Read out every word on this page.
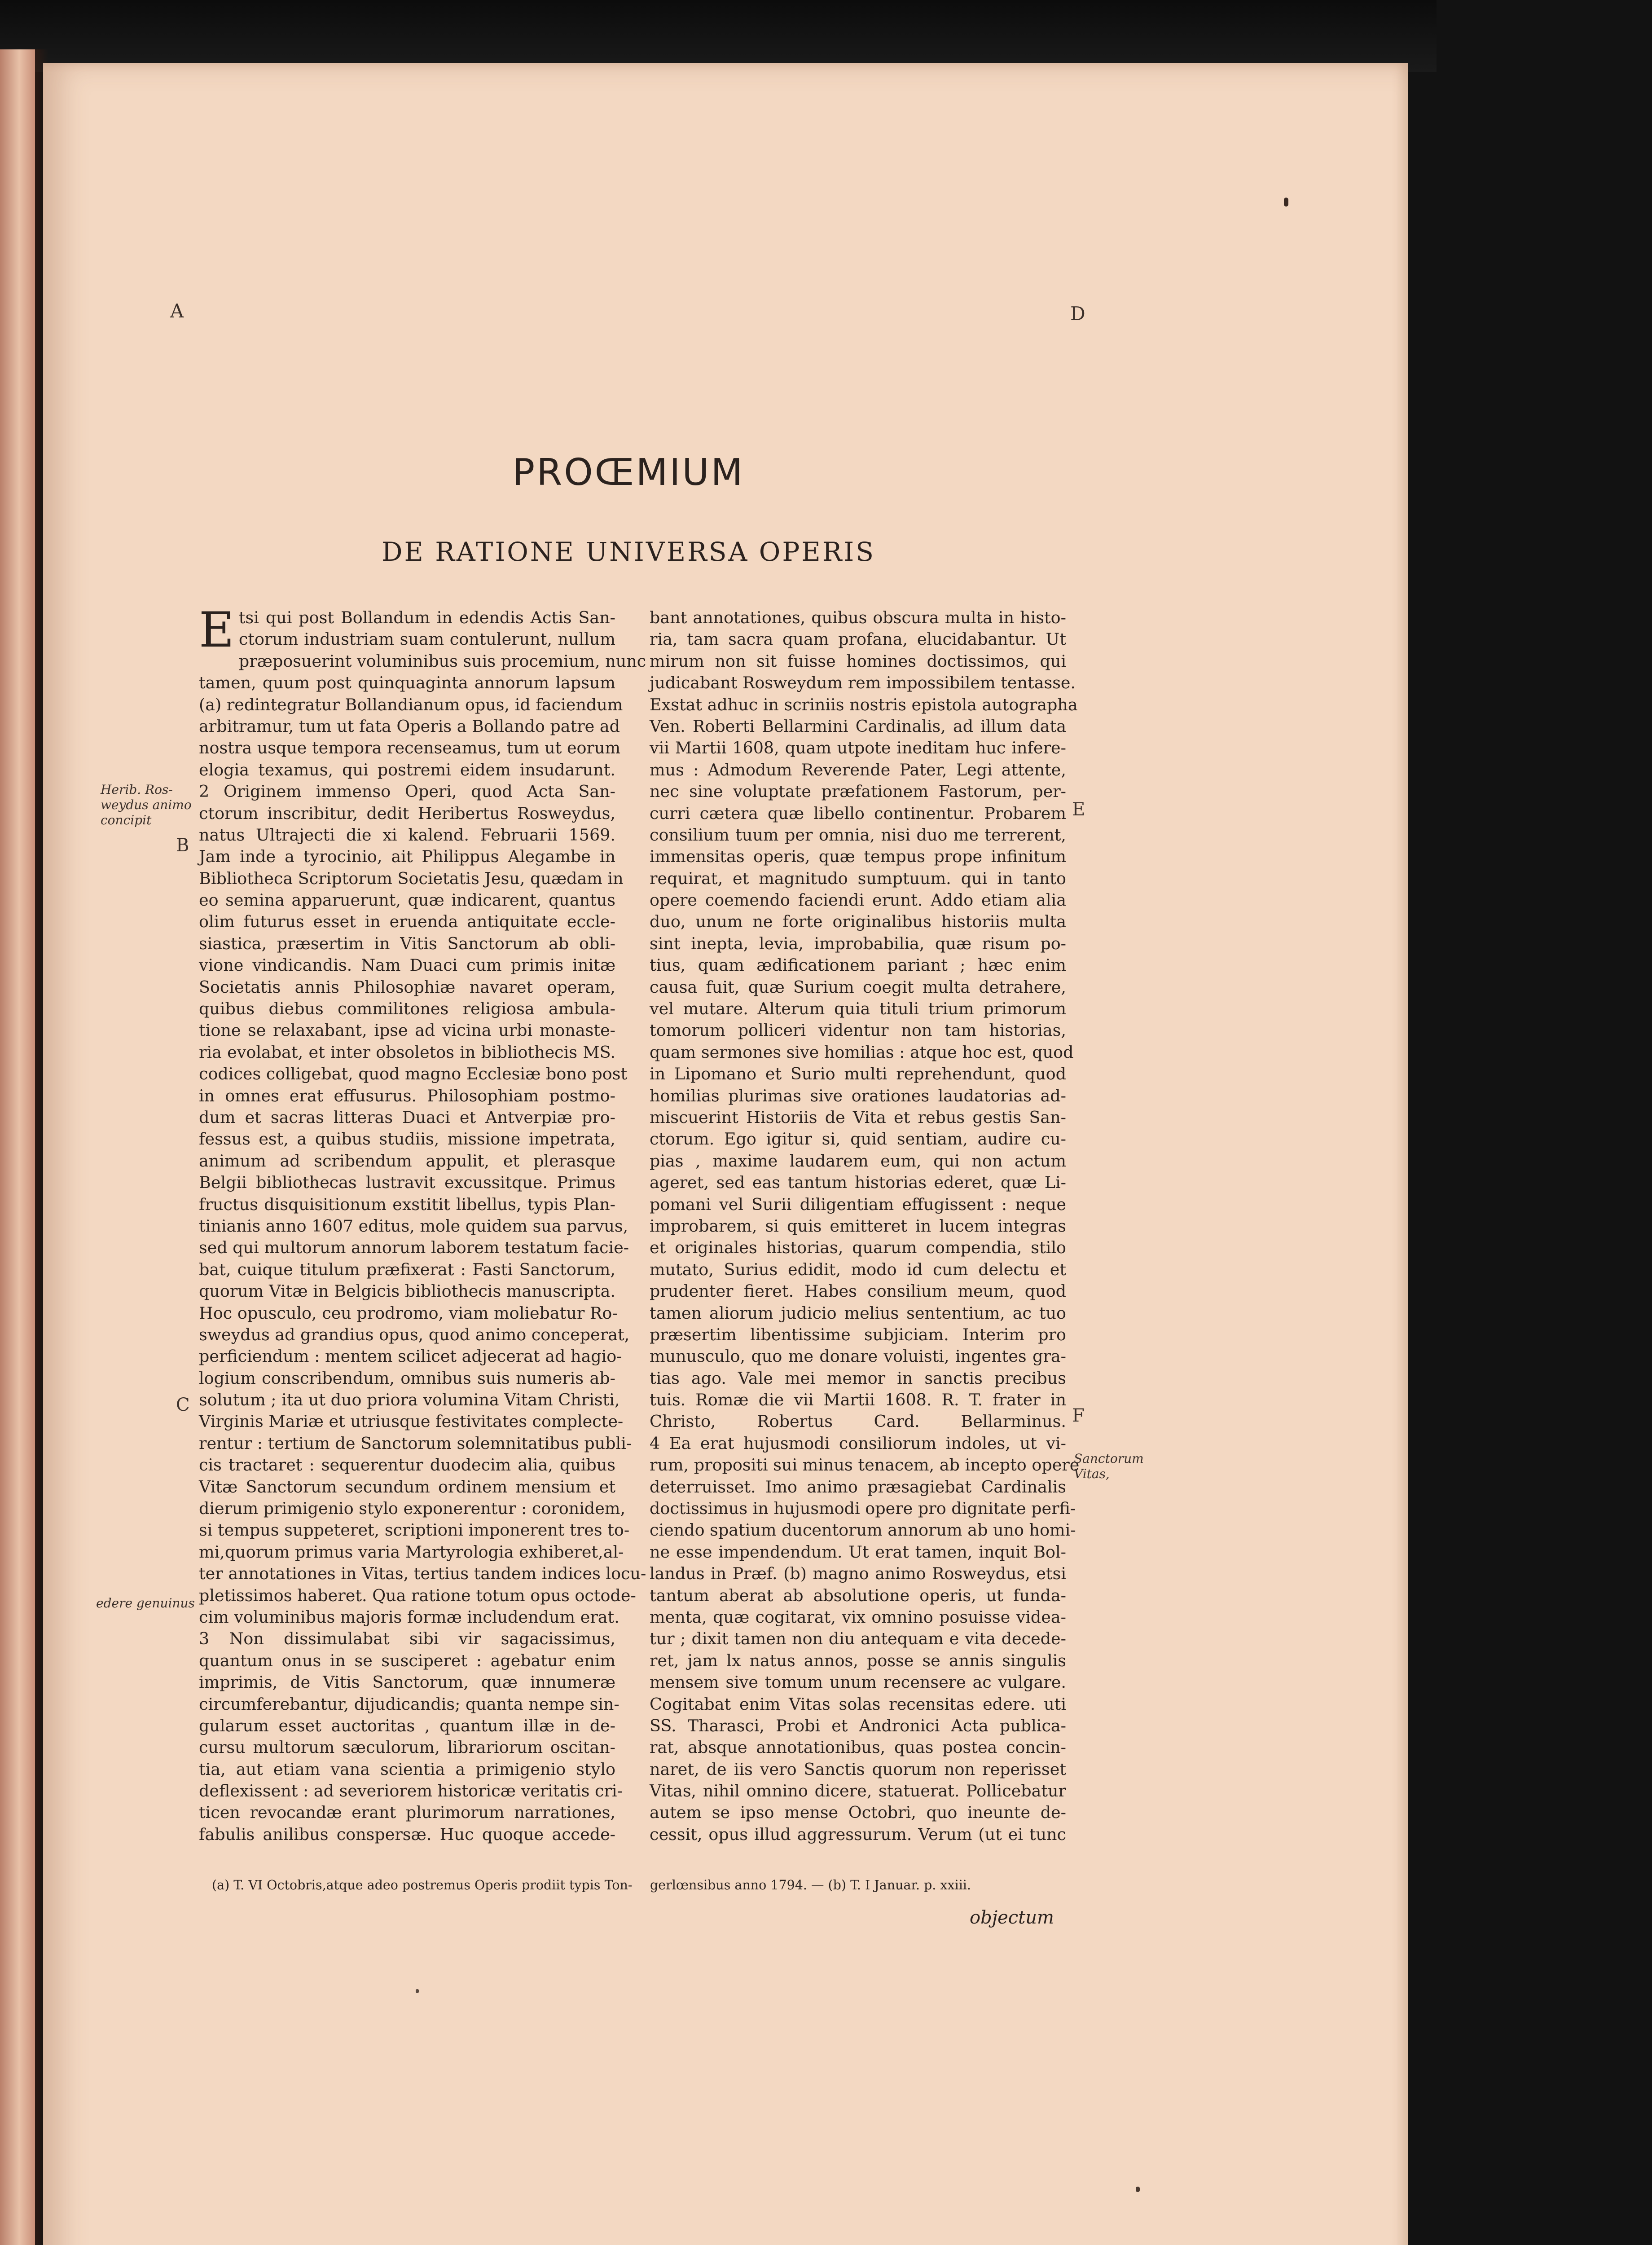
A	D
PROŒMIUM
DE RATIONE UNIVERSA OPERIS
E tsi qui post Bollandum in edendis Actis San-
ctorum industriam suam contulerunt, nullum
præposuerint voluminibus suis procemium, nunc
tamen, quum post quinquaginta annorum lapsum
(a) redintegratur Bollandianum opus, id faciendum
arbitramur, tum ut fata Operis a Bollando patre ad
nostra usque tempora recenseamus, tum ut eorum
elogia texamus, qui postremi eidem insudarunt.
2 Originem immenso Operi, quod Acta San-
ctorum inscribitur, dedit Heribertus Rosweydus,
natus Ultrajecti die xi kalend. Februarii 1569.
Jam inde a tyrocinio, ait Philippus Alegambe in
Bibliotheca Scriptorum Societatis Jesu, quædam in
eo semina apparuerunt, quæ indicarent, quantus
olim futurus esset in eruenda antiquitate eccle-
siastica, præsertim in Vitis Sanctorum ab obli-
vione vindicandis. Nam Duaci cum primis initæ
Societatis annis Philosophiæ navaret operam,
quibus diebus commilitones religiosa ambula-
tione se relaxabant, ipse ad vicina urbi monaste-
ria evolabat, et inter obsoletos in bibliothecis MS.
codices colligebat, quod magno Ecclesiæ bono post
in omnes erat effusurus. Philosophiam postmo-
dum et sacras litteras Duaci et Antverpiæ pro-
fessus est, a quibus studiis, missione impetrata,
animum ad scribendum appulit, et plerasque
Belgii bibliothecas lustravit excussitque. Primus
fructus disquisitionum exstitit libellus, typis Plan-
tinianis anno 1607 editus, mole quidem sua parvus,
sed qui multorum annorum laborem testatum facie-
bat, cuique titulum præfixerat : Fasti Sanctorum,
quorum Vitæ in Belgicis bibliothecis manuscripta.
Hoc opusculo, ceu prodromo, viam moliebatur Ro-
sweydus ad grandius opus, quod animo conceperat,
perficiendum : mentem scilicet adjecerat ad hagio-
logium conscribendum, omnibus suis numeris ab-
solutum ; ita ut duo priora volumina Vitam Christi,
Virginis Mariæ et utriusque festivitates complecte-
rentur : tertium de Sanctorum solemnitatibus publi-
cis tractaret : sequerentur duodecim alia, quibus
Vitæ Sanctorum secundum ordinem mensium et
dierum primigenio stylo exponerentur : coronidem,
si tempus suppeteret, scriptioni imponerent tres to-
mi,quorum primus varia Martyrologia exhiberet,al-
ter annotationes in Vitas, tertius tandem indices locu-
pletissimos haberet. Qua ratione totum opus octode-
cim voluminibus majoris formæ includendum erat.
3 Non dissimulabat sibi vir sagacissimus,
quantum onus in se susciperet : agebatur enim
imprimis, de Vitis Sanctorum, quæ innumeræ
circumferebantur, dijudicandis; quanta nempe sin-
gularum esset auctoritas , quantum illæ in de-
cursu multorum sæculorum, librariorum oscitan-
tia, aut etiam vana scientia a primigenio stylo
deflexissent : ad severiorem historicæ veritatis cri-
ticen revocandæ erant plurimorum narrationes,
fabulis anilibus conspersæ. Huc quoque accede-
bant annotationes, quibus obscura multa in histo-
ria, tam sacra quam profana, elucidabantur. Ut
mirum non sit fuisse homines doctissimos, qui
judicabant Rosweydum rem impossibilem tentasse.
Exstat adhuc in scriniis nostris epistola autographa
Ven. Roberti Bellarmini Cardinalis, ad illum data
vii Martii 1608, quam utpote ineditam huc infere-
mus : Admodum Reverende Pater, Legi attente,
nec sine voluptate præfationem Fastorum, per-
curri cætera quæ libello continentur. Probarem
consilium tuum per omnia, nisi duo me terrerent,
immensitas operis, quæ tempus prope infinitum
requirat, et magnitudo sumptuum. qui in tanto
opere coemendo faciendi erunt. Addo etiam alia
duo, unum ne forte originalibus historiis multa
sint inepta, levia, improbabilia, quæ risum po-
tius, quam ædificationem pariant ; hæc enim
causa fuit, quæ Surium coegit multa detrahere,
vel mutare. Alterum quia tituli trium primorum
tomorum polliceri videntur non tam historias,
quam sermones sive homilias : atque hoc est, quod
in Lipomano et Surio multi reprehendunt, quod
homilias plurimas sive orationes laudatorias ad-
miscuerint Historiis de Vita et rebus gestis San-
ctorum. Ego igitur si, quid sentiam, audire cu-
pias , maxime laudarem eum, qui non actum
ageret, sed eas tantum historias ederet, quæ Li-
pomani vel Surii diligentiam effugissent : neque
improbarem, si quis emitteret in lucem integras
et originales historias, quarum compendia, stilo
mutato, Surius edidit, modo id cum delectu et
prudenter fieret. Habes consilium meum, quod
tamen aliorum judicio melius sententium, ac tuo
præsertim libentissime subjiciam. Interim pro
munusculo, quo me donare voluisti, ingentes gra-
tias ago. Vale mei memor in sanctis precibus
tuis. Romæ die vii Martii 1608. R. T. frater in
Christo, Robertus Card. Bellarminus.
4 Ea erat hujusmodi consiliorum indoles, ut vi-
rum, propositi sui minus tenacem, ab incepto opere
deterruisset. Imo animo præsagiebat Cardinalis
doctissimus in hujusmodi opere pro dignitate perfi-
ciendo spatium ducentorum annorum ab uno homi-
ne esse impendendum. Ut erat tamen, inquit Bol-
landus in Præf. (b) magno animo Rosweydus, etsi
tantum aberat ab absolutione operis, ut funda-
menta, quæ cogitarat, vix omnino posuisse videa-
tur ; dixit tamen non diu antequam e vita decede-
ret, jam lx natus annos, posse se annis singulis
mensem sive tomum unum recensere ac vulgare.
Cogitabat enim Vitas solas recensitas edere. uti
SS. Tharasci, Probi et Andronici Acta publica-
rat, absque annotationibus, quas postea concin-
naret, de iis vero Sanctis quorum non reperisset
Vitas, nihil omnino dicere, statuerat. Pollicebatur
autem se ipso mense Octobri, quo ineunte de-
cessit, opus illud aggressurum. Verum (ut ei tunc
B
C
E
F
Herib. Ros-
weydus animo
concipit
edere genuinus
Sanctorum
Vitas,
(a) T. VI Octobris,atque adeo postremus Operis prodiit typis Ton- gerlœnsibus anno 1794. — (b) T. I Januar. p. xxiii.
objectum
